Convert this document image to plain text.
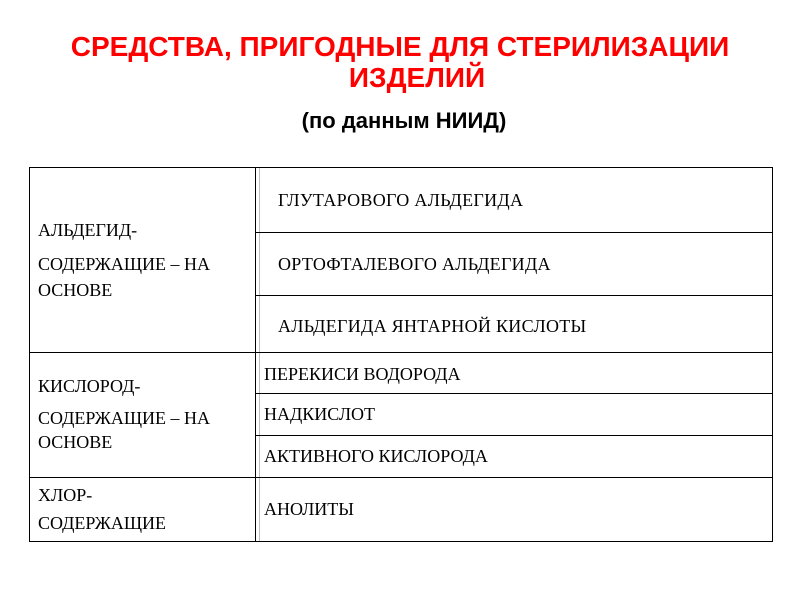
СРЕДСТВА, ПРИГОДНЫЕ ДЛЯ СТЕРИЛИЗАЦИИ
ИЗДЕЛИЙ
(по данным НИИД)
АЛЬДЕГИД-
СОДЕРЖАЩИЕ – НА
ОСНОВЕ
ГЛУТАРОВОГО АЛЬДЕГИДА
ОРТОФТАЛЕВОГО АЛЬДЕГИДА
АЛЬДЕГИДА ЯНТАРНОЙ КИСЛОТЫ
КИСЛОРОД-
СОДЕРЖАЩИЕ – НА
ОСНОВЕ
ПЕРЕКИСИ ВОДОРОДА
НАДКИСЛОТ
АКТИВНОГО КИСЛОРОДА
ХЛОР-
СОДЕРЖАЩИЕ
АНОЛИТЫ
